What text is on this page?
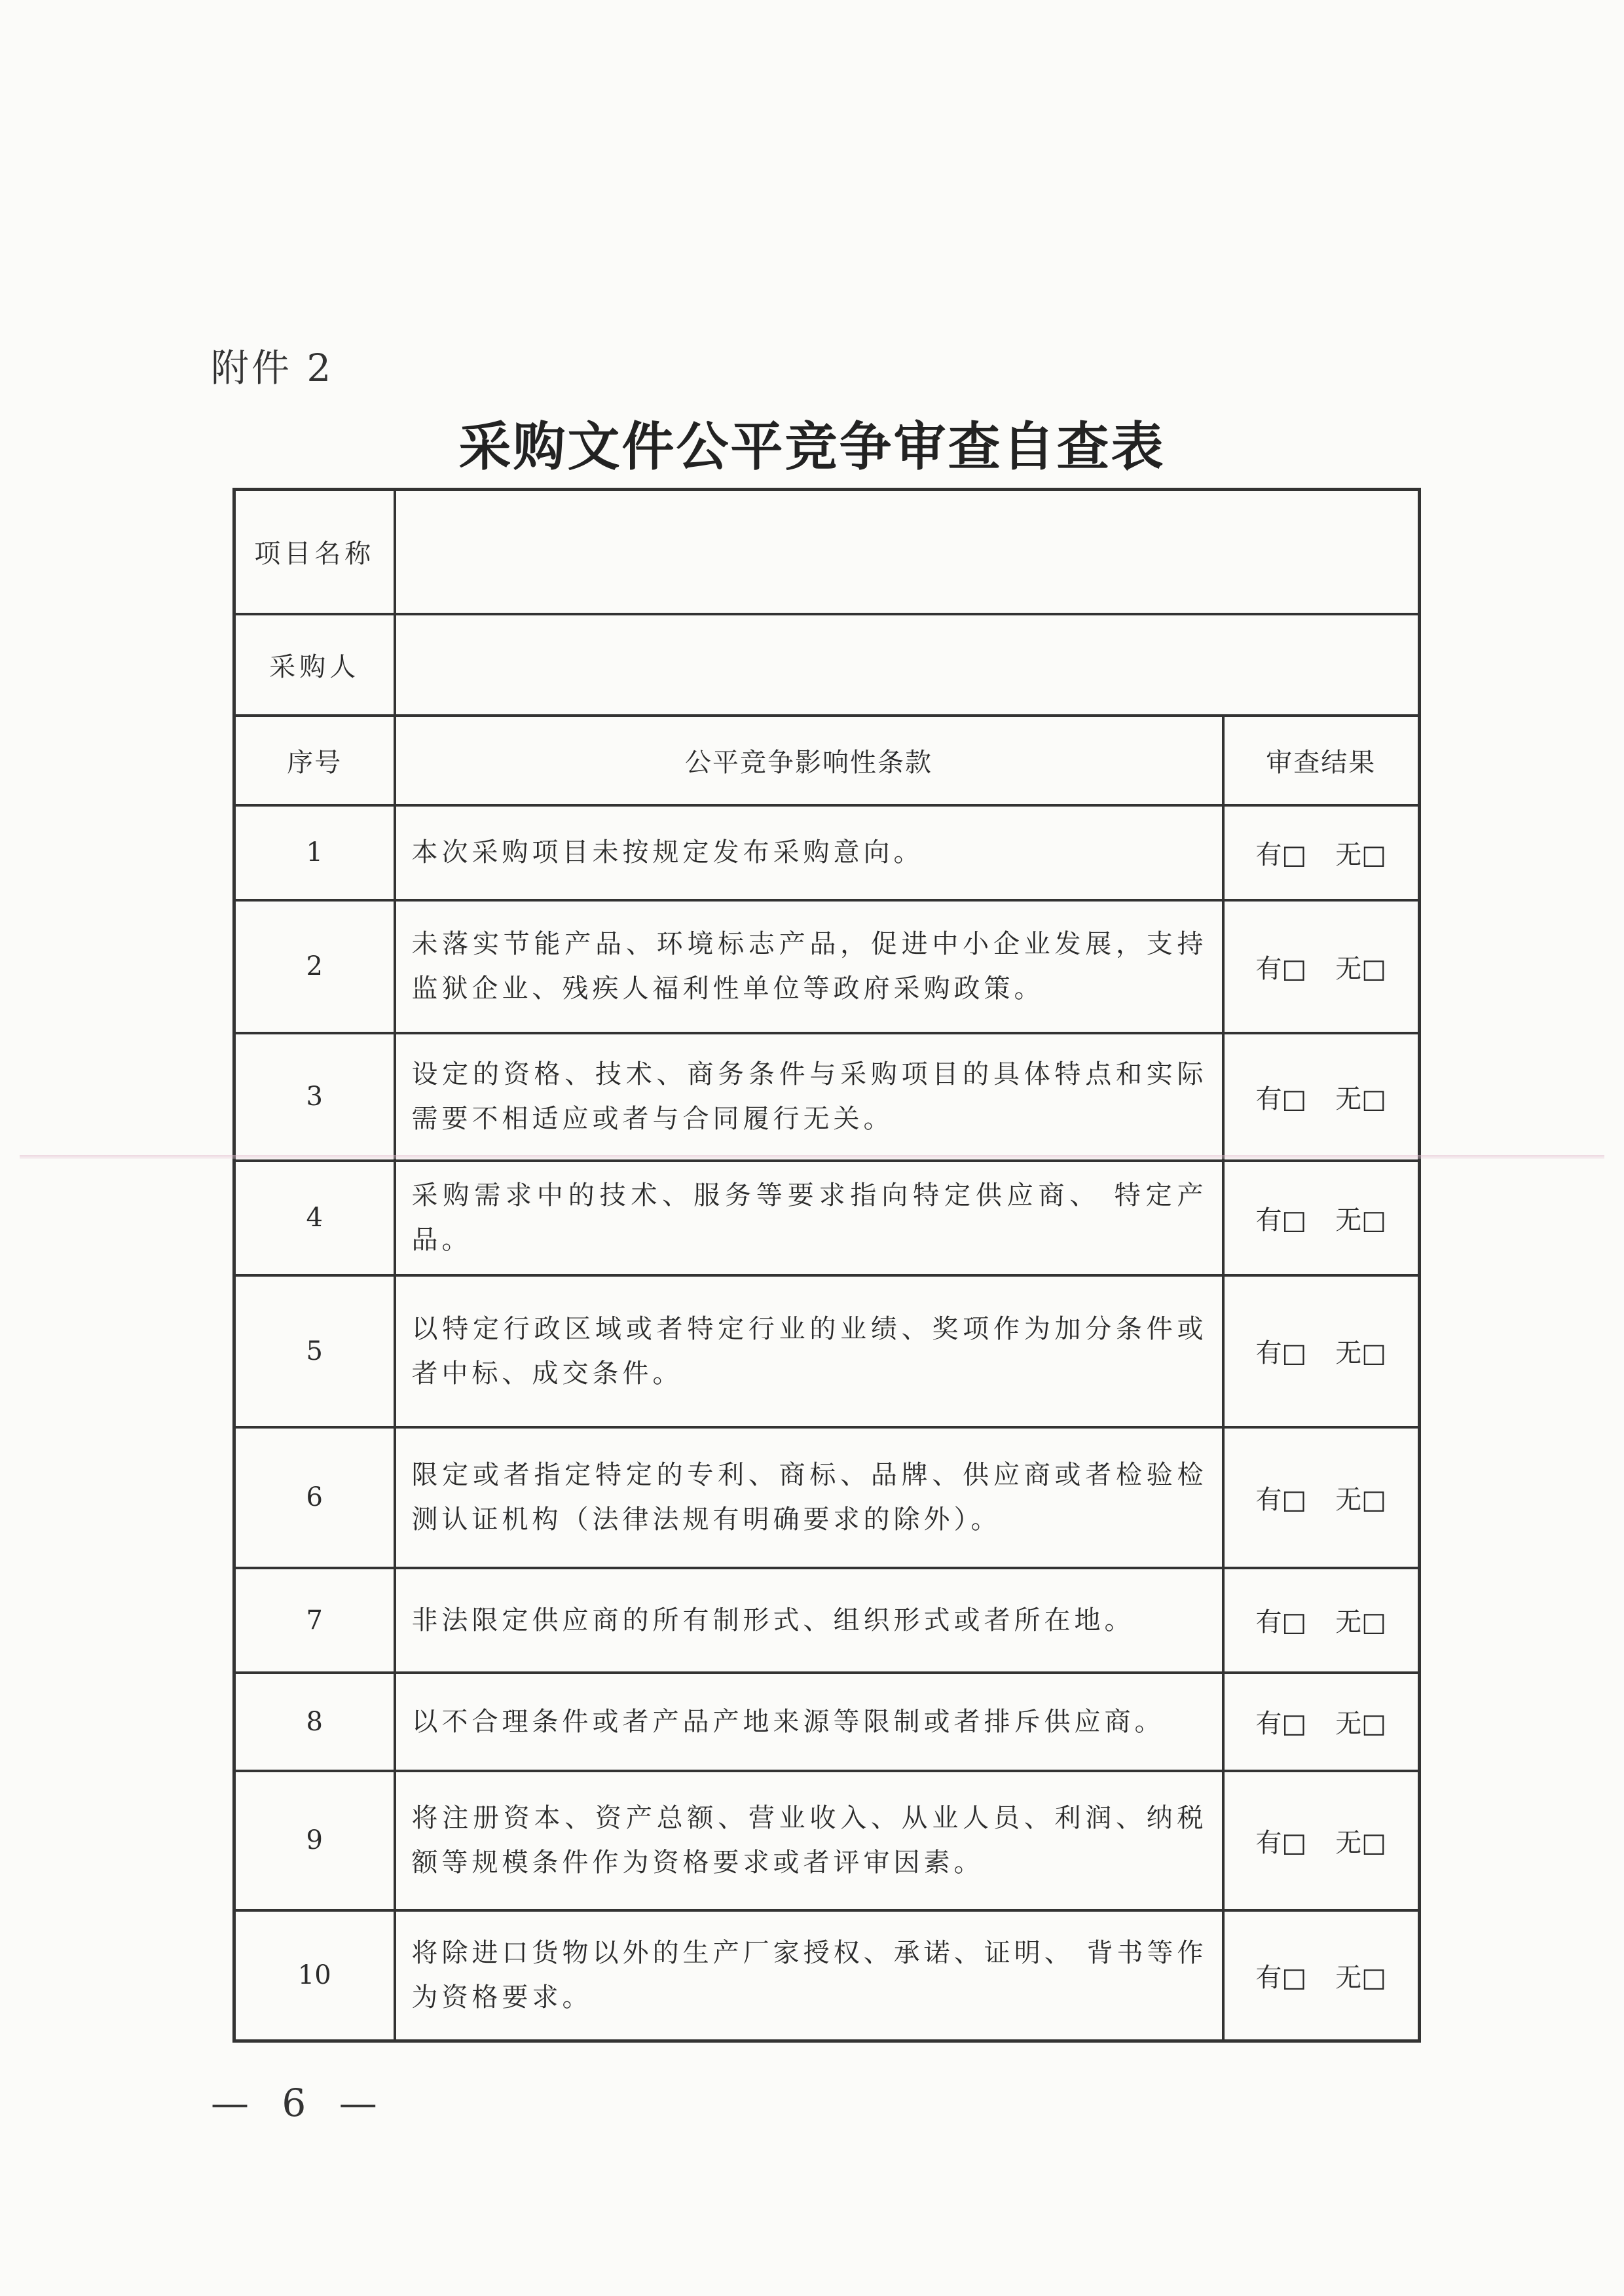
附件 2
采购文件公平竞争审查自查表
项目名称		
采购人		
序号	公平竞争影响性条款	审查结果
1	本次采购项目未按规定发布采购意向。	有□ 无□
2	未落实节能产品、环境标志产品，促进中小企业发展，支持监狱企业、残疾人福利性单位等政府采购政策。	有□ 无□
3	设定的资格、技术、商务条件与采购项目的具体特点和实际需要不相适应或者与合同履行无关。	有□ 无□
4	采购需求中的技术、服务等要求指向特定供应商、 特定产品。	有□ 无□
5	以特定行政区域或者特定行业的业绩、奖项作为加分条件或者中标、成交条件。	有□ 无□
6	限定或者指定特定的专利、商标、品牌、供应商或者检验检测认证机构（法律法规有明确要求的除外）。	有□ 无□
7	非法限定供应商的所有制形式、组织形式或者所在地。	有□ 无□
8	以不合理条件或者产品产地来源等限制或者排斥供应商。	有□ 无□
9	将注册资本、资产总额、营业收入、从业人员、利润、纳税额等规模条件作为资格要求或者评审因素。	有□ 无□
10	将除进口货物以外的生产厂家授权、承诺、证明、 背书等作为资格要求。	有□ 无□
— 6 —
